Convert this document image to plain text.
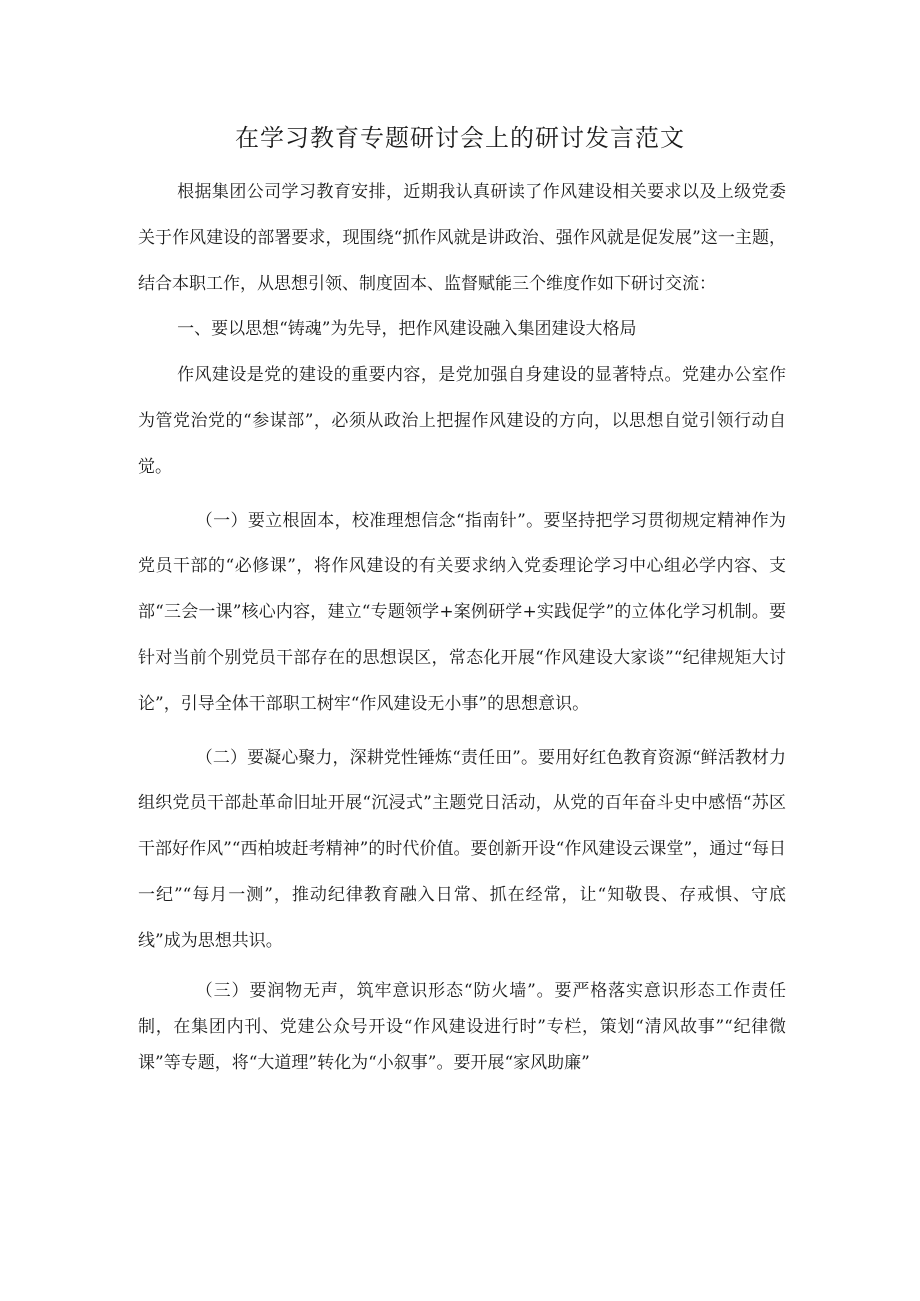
在学习教育专题研讨会上的研讨发言范文

根据集团公司学习教育安排，近期我认真研读了作风建设相关要求以及上级党委关于作风建设的部署要求，现围绕“抓作风就是讲政治、强作风就是促发展”这一主题，结合本职工作，从思想引领、制度固本、监督赋能三个维度作如下研讨交流：

一、要以思想“铸魂”为先导，把作风建设融入集团建设大格局

作风建设是党的建设的重要内容，是党加强自身建设的显著特点。党建办公室作为管党治党的“参谋部”，必须从政治上把握作风建设的方向，以思想自觉引领行动自觉。

（一）要立根固本，校准理想信念“指南针”。要坚持把学习贯彻规定精神作为党员干部的“必修课”，将作风建设的有关要求纳入党委理论学习中心组必学内容、支部“三会一课”核心内容，建立“专题领学+案例研学+实践促学”的立体化学习机制。要针对当前个别党员干部存在的思想误区，常态化开展“作风建设大家谈”“纪律规矩大讨论”，引导全体干部职工树牢“作风建设无小事”的思想意识。

（二）要凝心聚力，深耕党性锤炼“责任田”。要用好红色教育资源“鲜活教材力组织党员干部赴革命旧址开展“沉浸式”主题党日活动，从党的百年奋斗史中感悟“苏区干部好作风”“西柏坡赶考精神”的时代价值。要创新开设“作风建设云课堂”，通过“每日一纪”“每月一测”，推动纪律教育融入日常、抓在经常，让“知敬畏、存戒惧、守底线”成为思想共识。

（三）要润物无声，筑牢意识形态“防火墙”。要严格落实意识形态工作责任制，在集团内刊、党建公众号开设“作风建设进行时”专栏，策划“清风故事”“纪律微课”等专题，将“大道理”转化为“小叙事”。要开展“家风助廉”
